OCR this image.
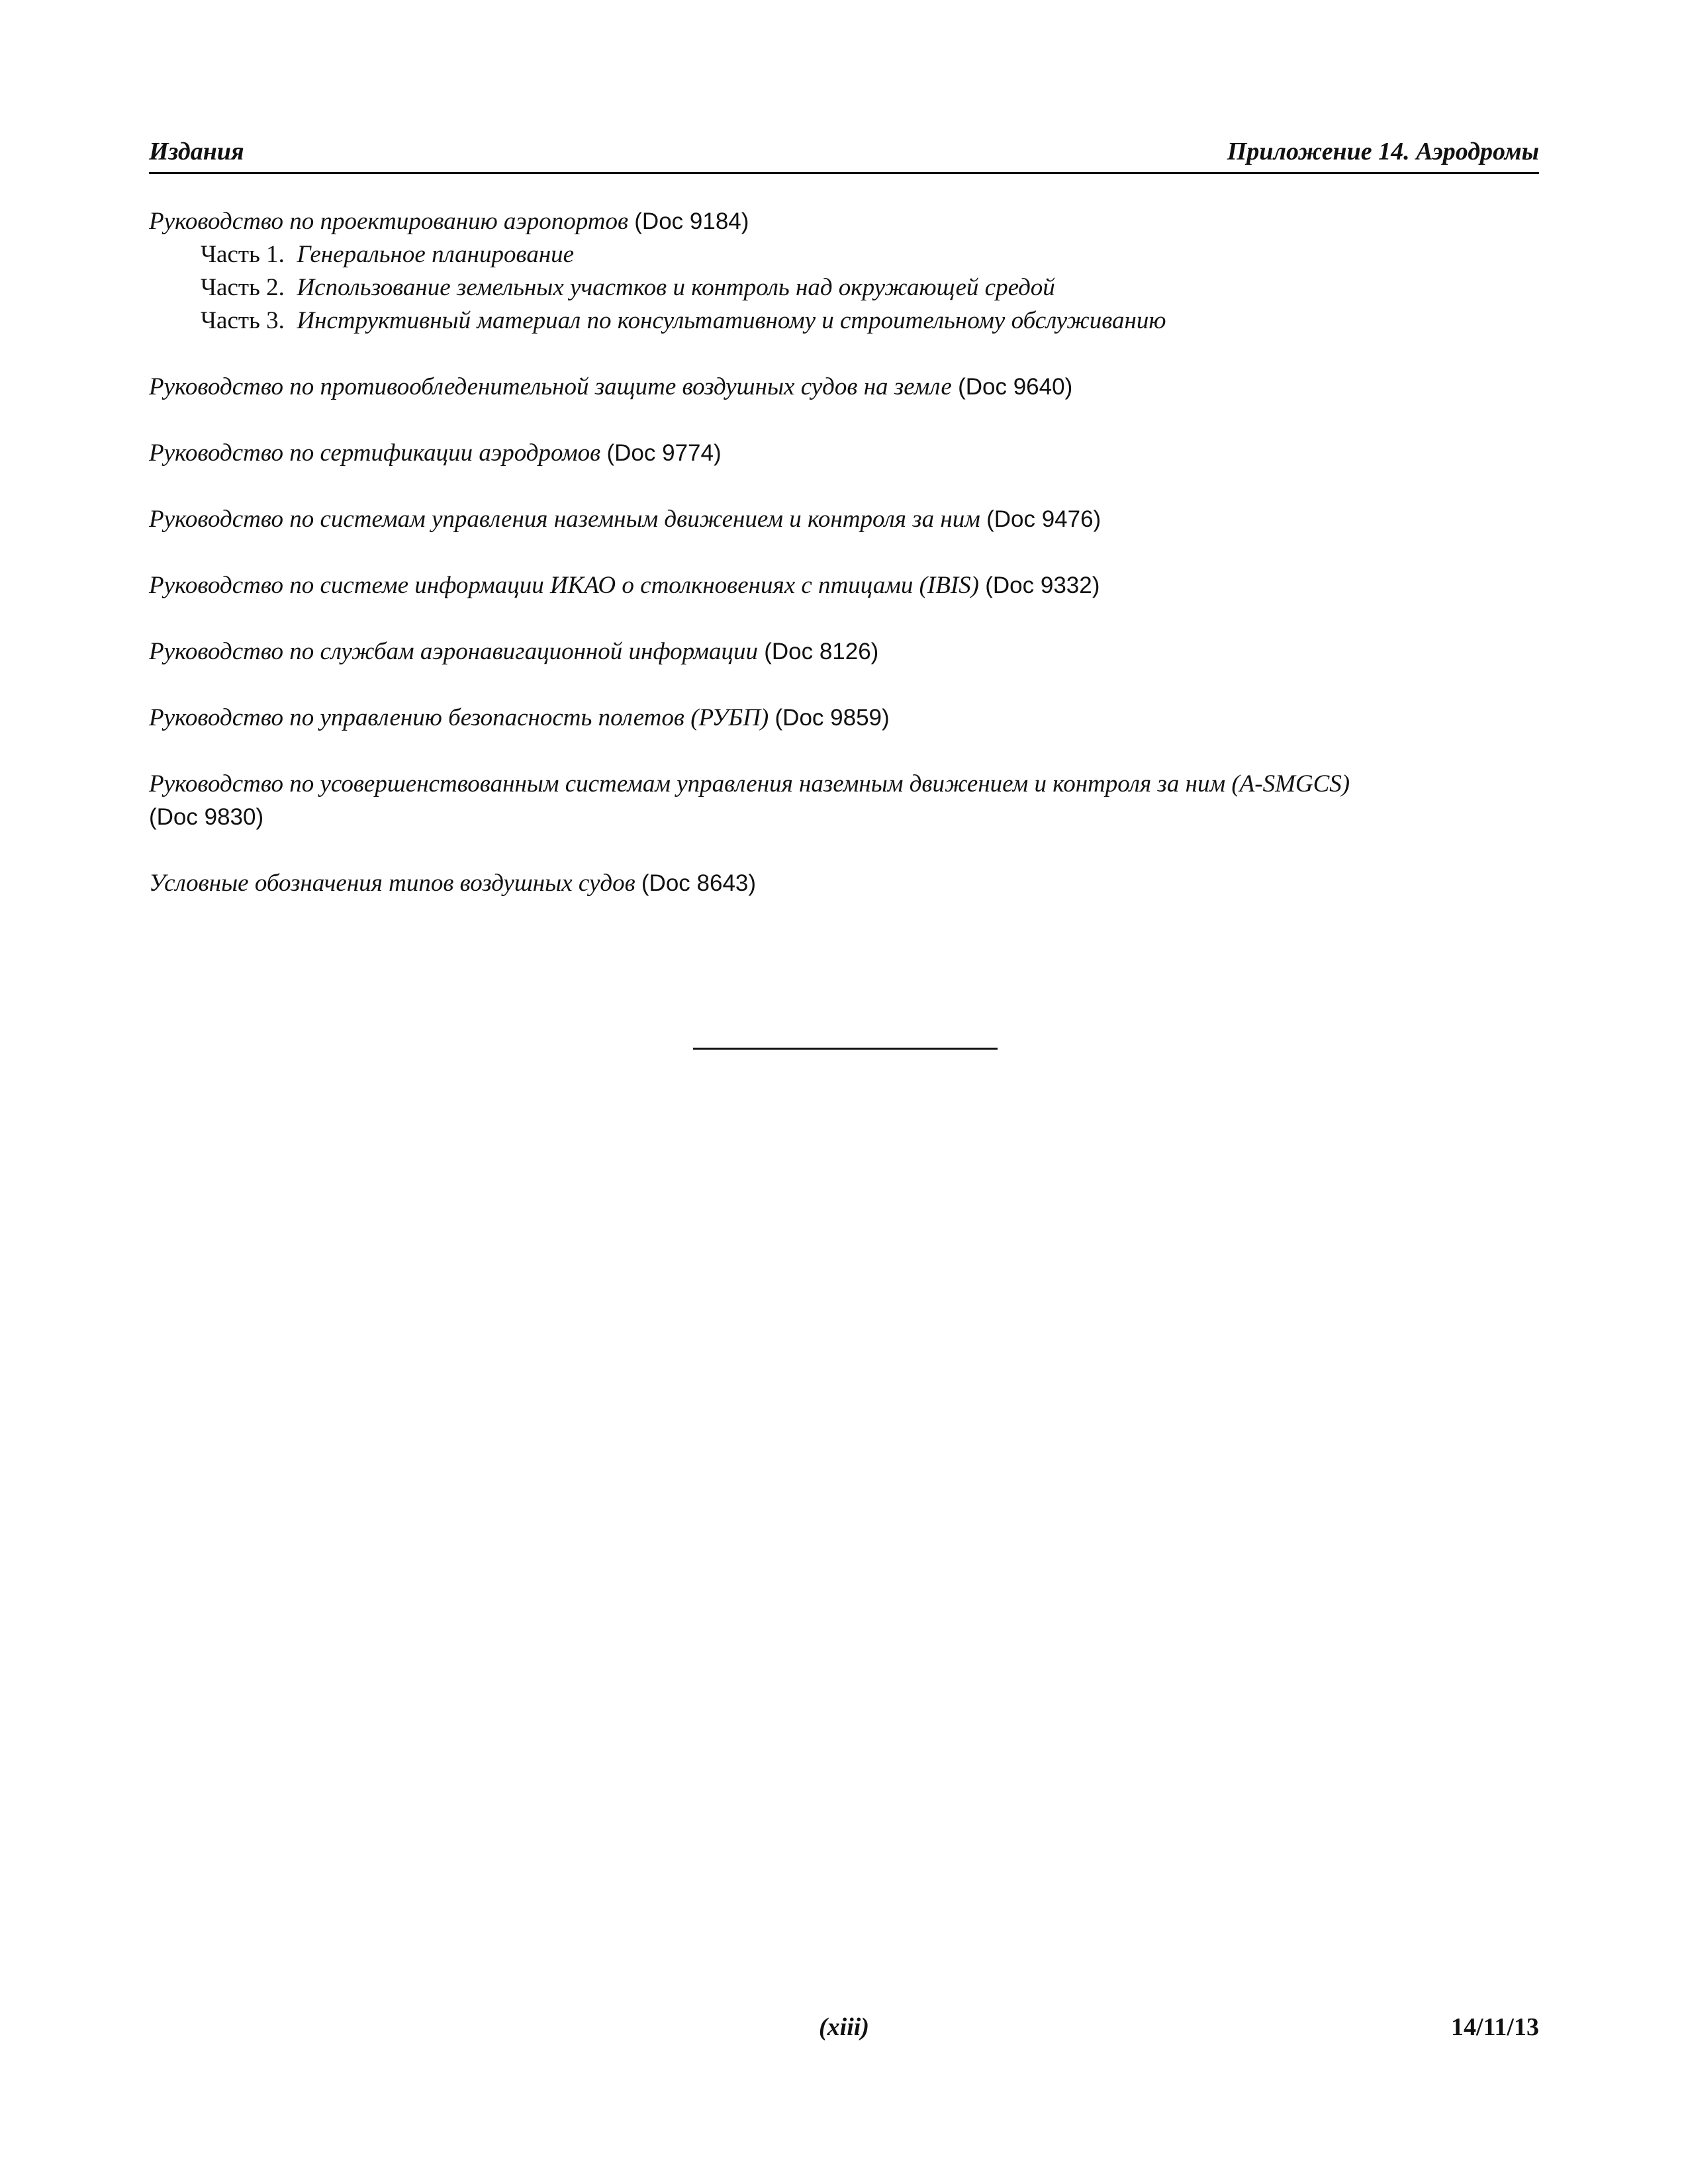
Издания	Приложение 14. Аэродромы
Руководство по проектированию аэропортов (Doc 9184)
Часть 1. Генеральное планирование
Часть 2. Использование земельных участков и контроль над окружающей средой
Часть 3. Инструктивный материал по консультативному и строительному обслуживанию
Руководство по противообледенительной защите воздушных судов на земле (Doc 9640)
Руководство по сертификации аэродромов (Doc 9774)
Руководство по системам управления наземным движением и контроля за ним (Doc 9476)
Руководство по системе информации ИКАО о столкновениях с птицами (IBIS) (Doc 9332)
Руководство по службам аэронавигационной информации (Doc 8126)
Руководство по управлению безопасность полетов (РУБП) (Doc 9859)
Руководство по усовершенствованным системам управления наземным движением и контроля за ним (A-SMGCS)
(Doc 9830)
Условные обозначения типов воздушных судов (Doc 8643)
(xiii)	14/11/13
